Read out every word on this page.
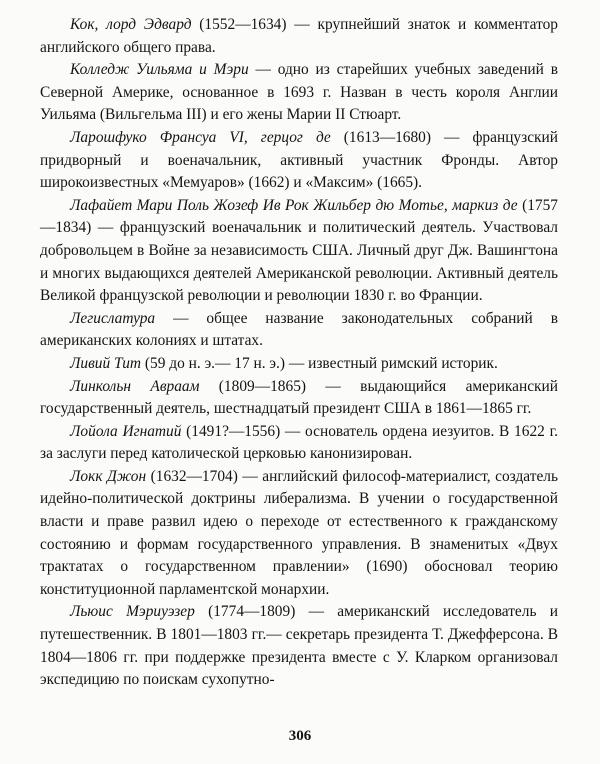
Кок, лорд Эдвард (1552—1634) — крупнейший знаток и комментатор английского общего права.

Колледж Уильяма и Мэри — одно из старейших учебных заведений в Северной Америке, основанное в 1693 г. Назван в честь короля Англии Уильяма (Вильгельма III) и его жены Марии II Стюарт.

Ларошфуко Франсуа VI, герцог де (1613—1680) — французский придворный и военачальник, активный участник Фронды. Автор широкоизвестных «Мемуаров» (1662) и «Максим» (1665).

Лафайет Мари Поль Жозеф Ив Рок Жильбер дю Мотье, маркиз де (1757—1834) — французский военачальник и политический деятель. Участвовал добровольцем в Войне за независимость США. Личный друг Дж. Вашингтона и многих выдающихся деятелей Американской революции. Активный деятель Великой французской революции и революции 1830 г. во Франции.

Легислатура — общее название законодательных собраний в американских колониях и штатах.

Ливий Тит (59 до н. э.— 17 н. э.) — известный римский историк.

Линкольн Авраам (1809—1865) — выдающийся американский государственный деятель, шестнадцатый президент США в 1861—1865 гг.

Лойола Игнатий (1491?—1556) — основатель ордена иезуитов. В 1622 г. за заслуги перед католической церковью канонизирован.

Локк Джон (1632—1704) — английский философ-материалист, создатель идейно-политической доктрины либерализма. В учении о государственной власти и праве развил идею о переходе от естественного к гражданскому состоянию и формам государственного управления. В знаменитых «Двух трактатах о государственном правлении» (1690) обосновал теорию конституционной парламентской монархии.

Льюис Мэриуэзер (1774—1809) — американский исследователь и путешественник. В 1801—1803 гг.— секретарь президента Т. Джефферсона. В 1804—1806 гг. при поддержке президента вместе с У. Кларком организовал экспедицию по поискам сухопутно-

306
